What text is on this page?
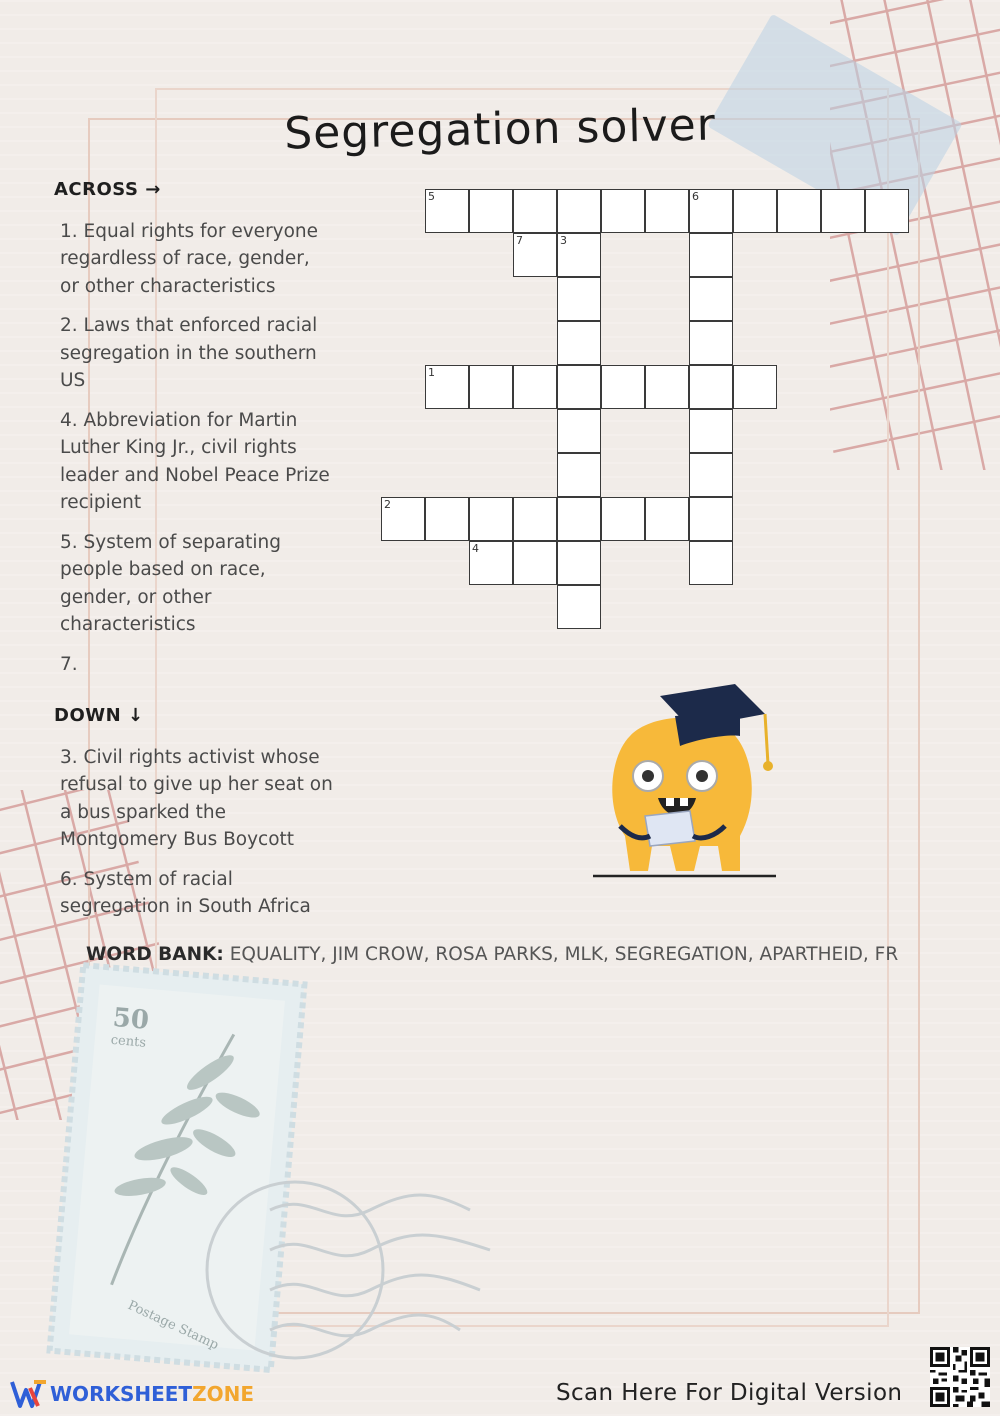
Segregation solver
ACROSS →
1. Equal rights for everyone regardless of race, gender, or other characteristics
2. Laws that enforced racial segregation in the southern US
4. Abbreviation for Martin Luther King Jr., civil rights leader and Nobel Peace Prize recipient
5. System of separating people based on race, gender, or other characteristics
7.
DOWN ↓
3. Civil rights activist whose refusal to give up her seat on a bus sparked the Montgomery Bus Boycott
6. System of racial segregation in South Africa
5	6
3
7
1
2
4
WORD BANK: EQUALITY, JIM CROW, ROSA PARKS, MLK, SEGREGATION, APARTHEID, FR
50
cents
Postage Stamp
WORKSHEET ZONE	Scan Here For Digital Version
